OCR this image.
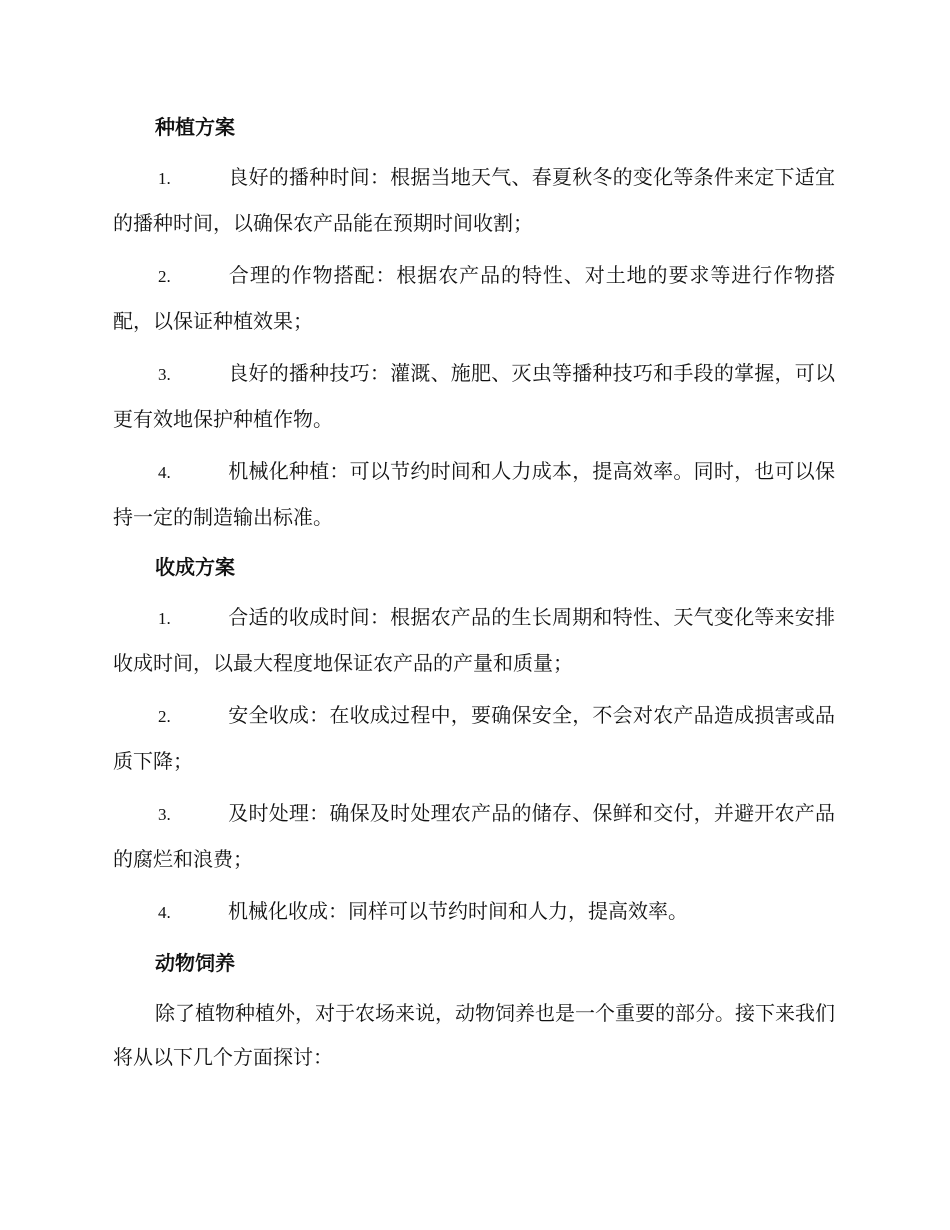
种植方案
1.	良好的播种时间：根据当地天气、春夏秋冬的变化等条件来定下适宜的播种时间，以确保农产品能在预期时间收割；
2.	合理的作物搭配：根据农产品的特性、对土地的要求等进行作物搭配，以保证种植效果；
3.	良好的播种技巧：灌溉、施肥、灭虫等播种技巧和手段的掌握，可以更有效地保护种植作物。
4.	机械化种植：可以节约时间和人力成本，提高效率。同时，也可以保持一定的制造输出标准。
收成方案
1.	合适的收成时间：根据农产品的生长周期和特性、天气变化等来安排收成时间，以最大程度地保证农产品的产量和质量；
2.	安全收成：在收成过程中，要确保安全，不会对农产品造成损害或品质下降；
3.	及时处理：确保及时处理农产品的储存、保鲜和交付，并避开农产品的腐烂和浪费；
4.	机械化收成：同样可以节约时间和人力，提高效率。
动物饲养
除了植物种植外，对于农场来说，动物饲养也是一个重要的部分。接下来我们将从以下几个方面探讨：
